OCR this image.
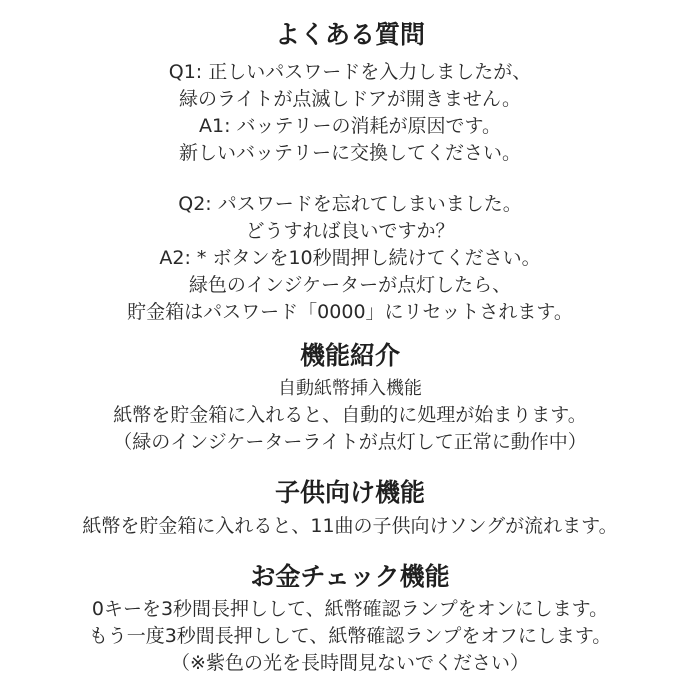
よくある質問
Q1: 正しいパスワードを入力しましたが、
緑のライトが点滅しドアが開きません。
A1: バッテリーの消耗が原因です。
新しいバッテリーに交換してください。
Q2: パスワードを忘れてしまいました。
どうすれば良いですか？
A2: * ボタンを10秒間押し続けてください。
緑色のインジケーターが点灯したら、
貯金箱はパスワード「0000」にリセットされます。
機能紹介
自動紙幣挿入機能
紙幣を貯金箱に入れると、自動的に処理が始まります。
（緑のインジケーターライトが点灯して正常に動作中）
子供向け機能
紙幣を貯金箱に入れると、11曲の子供向けソングが流れます。
お金チェック機能
0キーを3秒間長押しして、紙幣確認ランプをオンにします。
もう一度3秒間長押しして、紙幣確認ランプをオフにします。
（※紫色の光を長時間見ないでください）
